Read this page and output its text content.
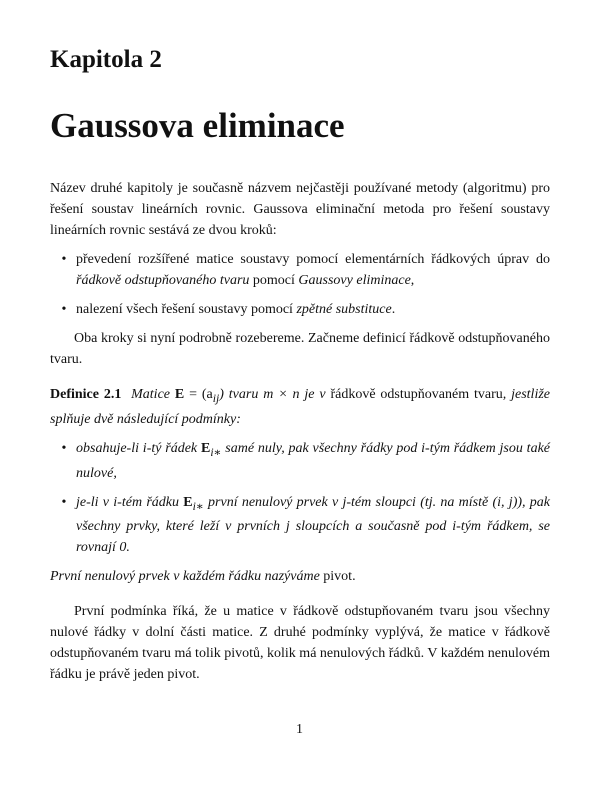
Kapitola 2
Gaussova eliminace

Název druhé kapitoly je současně názvem nejčastěji používané metody (algoritmu) pro řešení soustav lineárních rovnic. Gaussova eliminační metoda pro řešení soustavy lineárních rovnic sestává ze dvou kroků:

• převedení rozšířené matice soustavy pomocí elementárních řádkových úprav do řádkově odstupňovaného tvaru pomocí Gaussovy eliminace,
• nalezení všech řešení soustavy pomocí zpětné substituce.

Oba kroky si nyní podrobně rozebereme. Začneme definicí řádkově odstupňovaného tvaru.

Definice 2.1 Matice $E = (a_{ij})$ tvaru m × n je v řádkově odstupňovaném tvaru, jestliže splňuje dvě následující podmínky:

• obsahuje-li i-tý řádek $E_{i∗}$ samé nuly, pak všechny řádky pod i-tým řádkem jsou také nulové,
• je-li v i-tém řádku $E_{i∗}$ první nenulový prvek v j-tém sloupci (tj. na místě (i, j)), pak všechny prvky, které leží v prvních j sloupcích a současně pod i-tým řádkem, se rovnají 0.

První nenulový prvek v každém řádku nazýváme pivot.

První podmínka říká, že u matice v řádkově odstupňovaném tvaru jsou všechny nulové řádky v dolní části matice. Z druhé podmínky vyplývá, že matice v řádkově odstupňovaném tvaru má tolik pivotů, kolik má nenulových řádků. V každém nenulovém řádku je právě jeden pivot.

1
